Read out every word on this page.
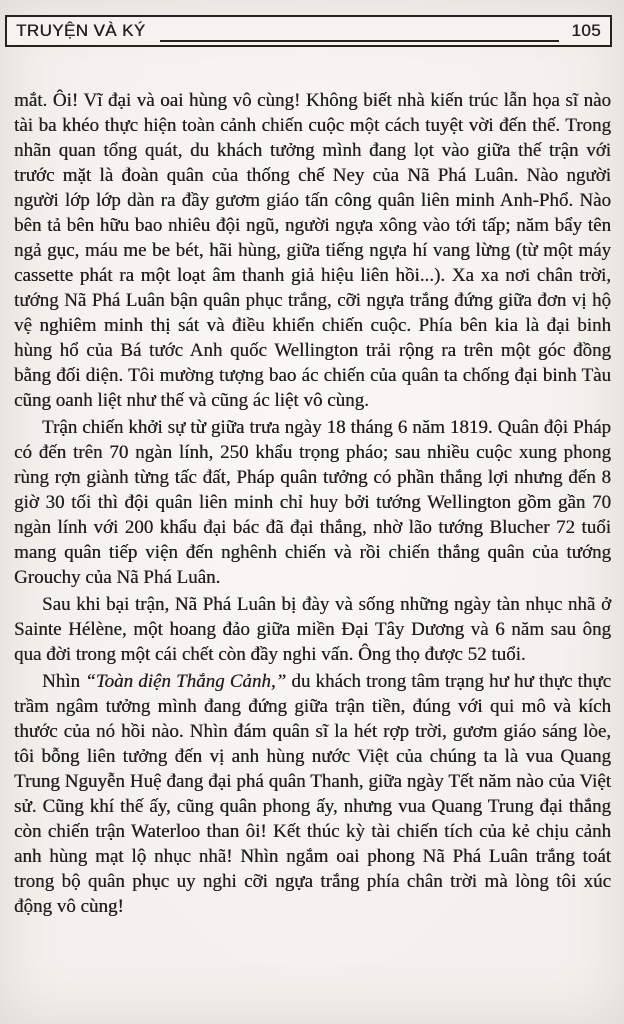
TRUYỆN VÀ KÝ	105

mắt. Ôi! Vĩ đại và oai hùng vô cùng! Không biết nhà kiến trúc lẫn họa sĩ nào tài ba khéo thực hiện toàn cảnh chiến cuộc một cách tuyệt vời đến thế. Trong nhãn quan tổng quát, du khách tưởng mình đang lọt vào giữa thế trận với trước mặt là đoàn quân của thống chế Ney của Nã Phá Luân. Nào người người lớp lớp dàn ra đầy gươm giáo tấn công quân liên minh Anh-Phổ. Nào bên tả bên hữu bao nhiêu đội ngũ, người ngựa xông vào tới tấp; năm bẩy tên ngả gục, máu me be bét, hãi hùng, giữa tiếng ngựa hí vang lừng (từ một máy cassette phát ra một loạt âm thanh giả hiệu liên hồi...). Xa xa nơi chân trời, tướng Nã Phá Luân bận quân phục trắng, cỡi ngựa trắng đứng giữa đơn vị hộ vệ nghiêm minh thị sát và điều khiển chiến cuộc. Phía bên kia là đại binh hùng hổ của Bá tước Anh quốc Wellington trải rộng ra trên một góc đồng bằng đối diện. Tôi mường tượng bao ác chiến của quân ta chống đại binh Tàu cũng oanh liệt như thế và cũng ác liệt vô cùng.

Trận chiến khởi sự từ giữa trưa ngày 18 tháng 6 năm 1819. Quân đội Pháp có đến trên 70 ngàn lính, 250 khẩu trọng pháo; sau nhiều cuộc xung phong rùng rợn giành từng tấc đất, Pháp quân tưởng có phần thắng lợi nhưng đến 8 giờ 30 tối thì đội quân liên minh chỉ huy bởi tướng Wellington gồm gần 70 ngàn lính với 200 khẩu đại bác đã đại thắng, nhờ lão tướng Blucher 72 tuổi mang quân tiếp viện đến nghênh chiến và rồi chiến thắng quân của tướng Grouchy của Nã Phá Luân.

Sau khi bại trận, Nã Phá Luân bị đày và sống những ngày tàn nhục nhã ở Sainte Hélène, một hoang đảo giữa miền Đại Tây Dương và 6 năm sau ông qua đời trong một cái chết còn đầy nghi vấn. Ông thọ được 52 tuổi.

Nhìn “Toàn diện Thắng Cảnh,” du khách trong tâm trạng hư hư thực thực trầm ngâm tưởng mình đang đứng giữa trận tiền, đúng với qui mô và kích thước của nó hồi nào. Nhìn đám quân sĩ la hét rợp trời, gươm giáo sáng lòe, tôi bỗng liên tưởng đến vị anh hùng nước Việt của chúng ta là vua Quang Trung Nguyễn Huệ đang đại phá quân Thanh, giữa ngày Tết năm nào của Việt sử. Cũng khí thế ấy, cũng quân phong ấy, nhưng vua Quang Trung đại thắng còn chiến trận Waterloo than ôi! Kết thúc kỳ tài chiến tích của kẻ chịu cảnh anh hùng mạt lộ nhục nhã! Nhìn ngắm oai phong Nã Phá Luân trắng toát trong bộ quân phục uy nghi cỡi ngựa trắng phía chân trời mà lòng tôi xúc động vô cùng!
